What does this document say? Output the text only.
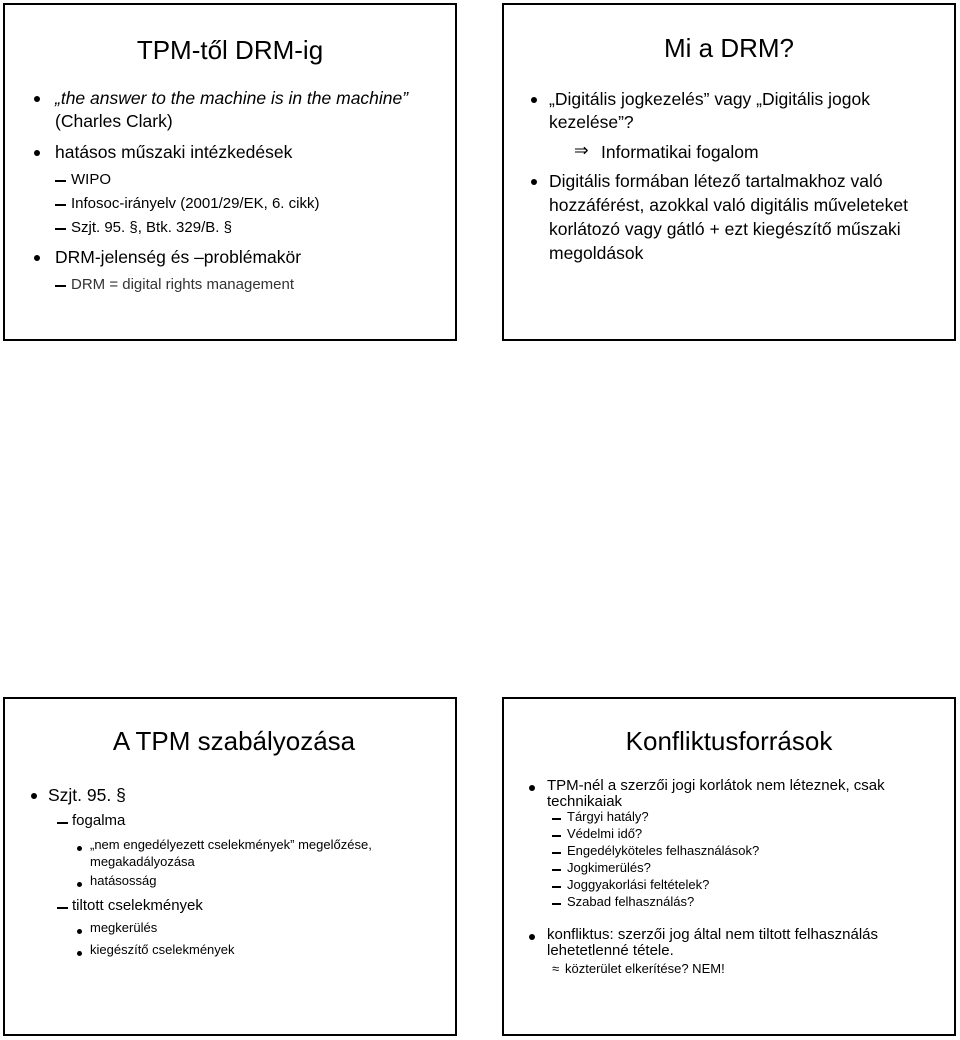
TPM-től DRM-ig
„the answer to the machine is in the machine”
(Charles Clark)
hatásos műszaki intézkedések
WIPO
Infosoc-irányelv (2001/29/EK, 6. cikk)
Szjt. 95. §, Btk. 329/B. §
DRM-jelenség és –problémakör
DRM = digital rights management
Mi a DRM?
„Digitális jogkezelés” vagy „Digitális jogok
kezelése”?
⇒ Informatikai fogalom
Digitális formában létező tartalmakhoz való
hozzáférést, azokkal való digitális műveleteket
korlátozó vagy gátló + ezt kiegészítő műszaki
megoldások
A TPM szabályozása
Szjt. 95. §
fogalma
„nem engedélyezett cselekmények” megelőzése,
megakadályozása
hatásosság
tiltott cselekmények
megkerülés
kiegészítő cselekmények
Konfliktusforrások
TPM-nél a szerzői jogi korlátok nem léteznek, csak
technikaiak
Tárgyi hatály?
Védelmi idő?
Engedélyköteles felhasználások?
Jogkimerülés?
Joggyakorlási feltételek?
Szabad felhasználás?
konfliktus: szerzői jog által nem tiltott felhasználás
lehetetlenné tétele.
≈ közterület elkerítése? NEM!
